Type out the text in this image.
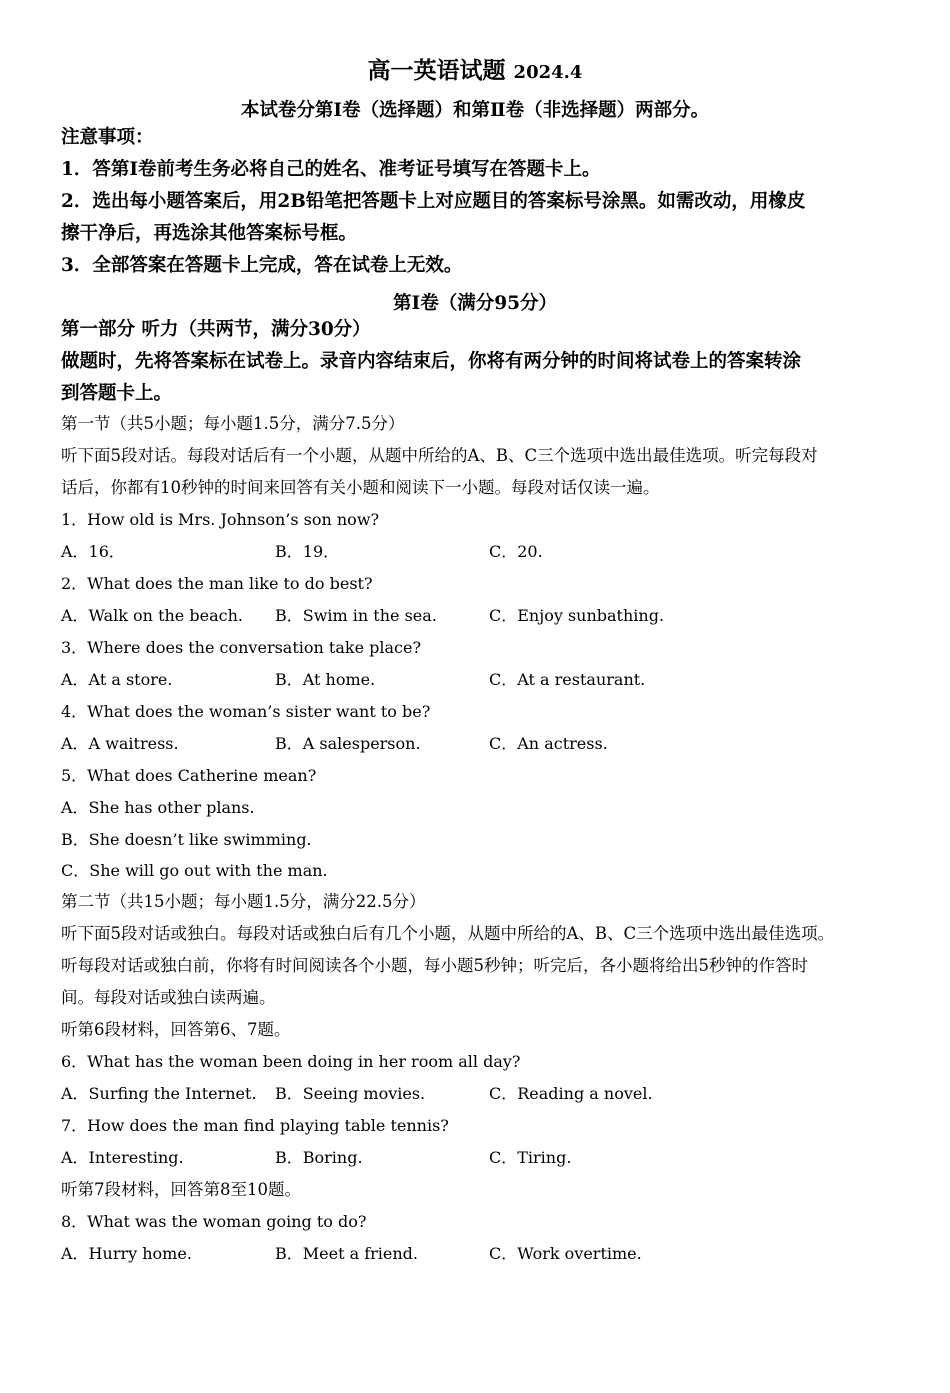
高一英语试题 2024.4
本试卷分第Ⅰ卷（选择题）和第Ⅱ卷（非选择题）两部分。
注意事项：
1．答第Ⅰ卷前考生务必将自己的姓名、准考证号填写在答题卡上。
2．选出每小题答案后，用2B铅笔把答题卡上对应题目的答案标号涂黑。如需改动，用橡皮
擦干净后，再选涂其他答案标号框。
3．全部答案在答题卡上完成，答在试卷上无效。
第Ⅰ卷（满分95分）
第一部分 听力（共两节，满分30分）
做题时，先将答案标在试卷上。录音内容结束后，你将有两分钟的时间将试卷上的答案转涂
到答题卡上。
第一节（共5小题；每小题1.5分，满分7.5分）
听下面5段对话。每段对话后有一个小题，从题中所给的A、B、C三个选项中选出最佳选项。听完每段对
话后，你都有10秒钟的时间来回答有关小题和阅读下一小题。每段对话仅读一遍。
1．How old is Mrs. Johnson’s son now?
A．16．	B．19．	C．20.
2．What does the man like to do best?
A．Walk on the beach. B．Swim in the sea.	C．Enjoy sunbathing.
3．Where does the conversation take place?
A．At a store.	B．At home.	C．At a restaurant.
4．What does the woman’s sister want to be?
A．A waitress.	B．A salesperson.	C．An actress.
5．What does Catherine mean?
A．She has other plans.
B．She doesn’t like swimming.
C．She will go out with the man.
第二节（共15小题；每小题1.5分，满分22.5分）
听下面5段对话或独白。每段对话或独白后有几个小题，从题中所给的A、B、C三个选项中选出最佳选项。
听每段对话或独白前，你将有时间阅读各个小题，每小题5秒钟；听完后，各小题将给出5秒钟的作答时
间。每段对话或独白读两遍。
听第6段材料，回答第6、7题。
6．What has the woman been doing in her room all day?
A．Surfing the Internet. B．Seeing movies.	C．Reading a novel.
7．How does the man find playing table tennis?
A．Interesting.	B．Boring.	C．Tiring.
听第7段材料，回答第8至10题。
8．What was the woman going to do?
A．Hurry home.	B．Meet a friend.	C．Work overtime.
